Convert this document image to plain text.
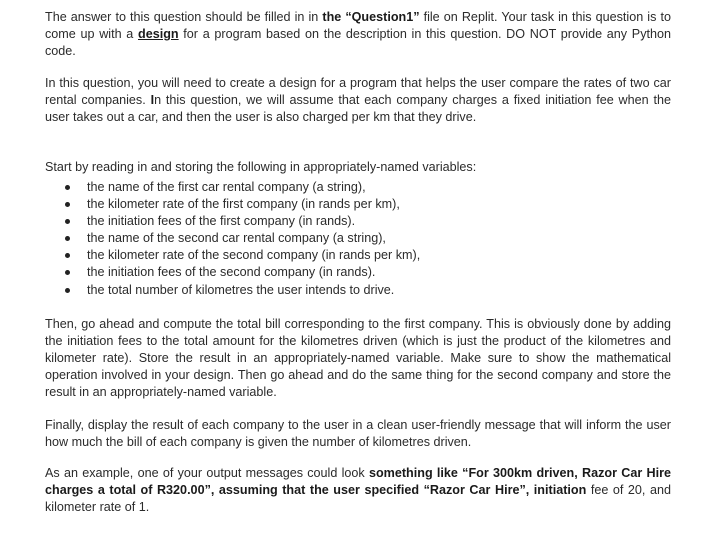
The answer to this question should be filled in in the “Question1” file on Replit. Your task in this question is to come up with a design for a program based on the description in this question. DO NOT provide any Python code.

In this question, you will need to create a design for a program that helps the user compare the rates of two car rental companies. In this question, we will assume that each company charges a fixed initiation fee when the user takes out a car, and then the user is also charged per km that they drive.

Start by reading in and storing the following in appropriately-named variables:

the name of the first car rental company (a string),
the kilometer rate of the first company (in rands per km),
the initiation fees of the first company (in rands).
the name of the second car rental company (a string),
the kilometer rate of the second company (in rands per km),
the initiation fees of the second company (in rands).
the total number of kilometres the user intends to drive.

Then, go ahead and compute the total bill corresponding to the first company. This is obviously done by adding the initiation fees to the total amount for the kilometres driven (which is just the product of the kilometres and kilometer rate). Store the result in an appropriately-named variable. Make sure to show the mathematical operation involved in your design. Then go ahead and do the same thing for the second company and store the result in an appropriately-named variable.

Finally, display the result of each company to the user in a clean user-friendly message that will inform the user how much the bill of each company is given the number of kilometres driven.

As an example, one of your output messages could look something like “For 300km driven, Razor Car Hire charges a total of R320.00”, assuming that the user specified “Razor Car Hire”, initiation fee of 20, and kilometer rate of 1.
